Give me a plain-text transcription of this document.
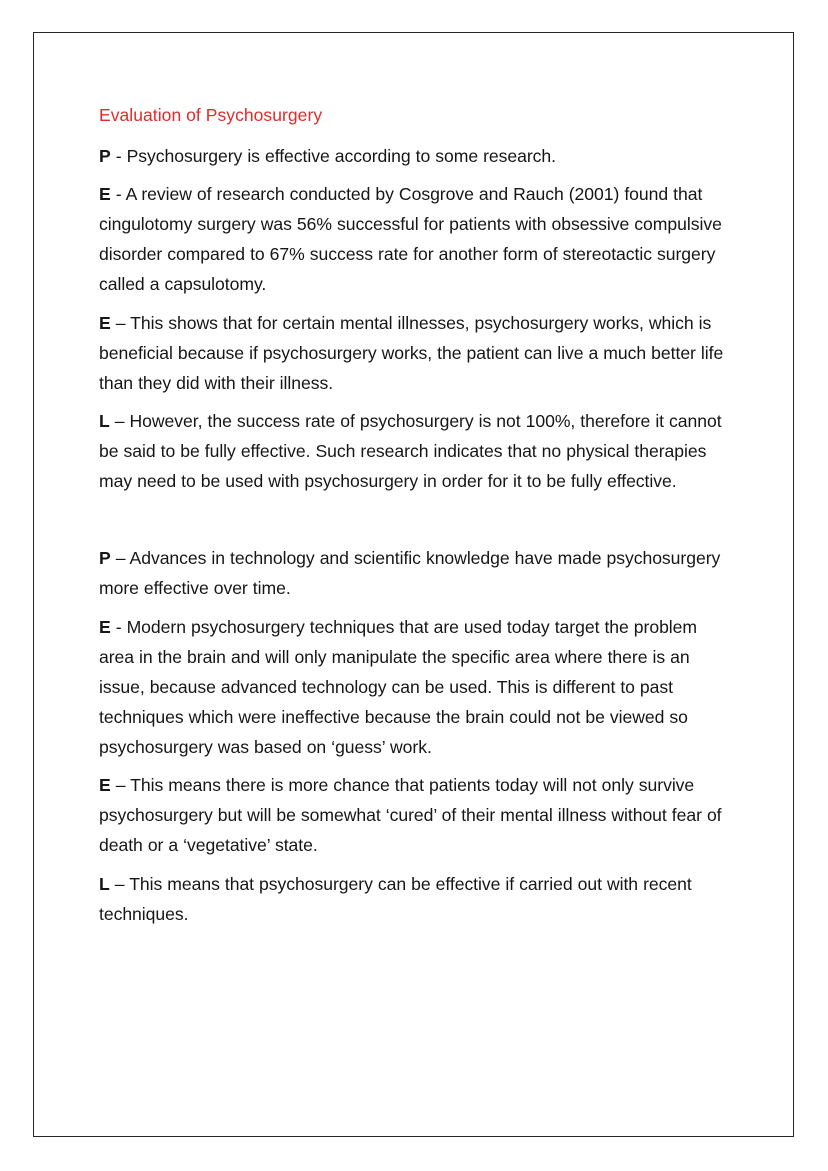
Evaluation of Psychosurgery

P - Psychosurgery is effective according to some research.

E - A review of research conducted by Cosgrove and Rauch (2001) found that cingulotomy surgery was 56% successful for patients with obsessive compulsive disorder compared to 67% success rate for another form of stereotactic surgery called a capsulotomy.

E – This shows that for certain mental illnesses, psychosurgery works, which is beneficial because if psychosurgery works, the patient can live a much better life than they did with their illness.

L – However, the success rate of psychosurgery is not 100%, therefore it cannot be said to be fully effective. Such research indicates that no physical therapies may need to be used with psychosurgery in order for it to be fully effective.

P – Advances in technology and scientific knowledge have made psychosurgery more effective over time.

E - Modern psychosurgery techniques that are used today target the problem area in the brain and will only manipulate the specific area where there is an issue, because advanced technology can be used. This is different to past techniques which were ineffective because the brain could not be viewed so psychosurgery was based on ‘guess’ work.

E – This means there is more chance that patients today will not only survive psychosurgery but will be somewhat ‘cured’ of their mental illness without fear of death or a ‘vegetative’ state.

L – This means that psychosurgery can be effective if carried out with recent techniques.
